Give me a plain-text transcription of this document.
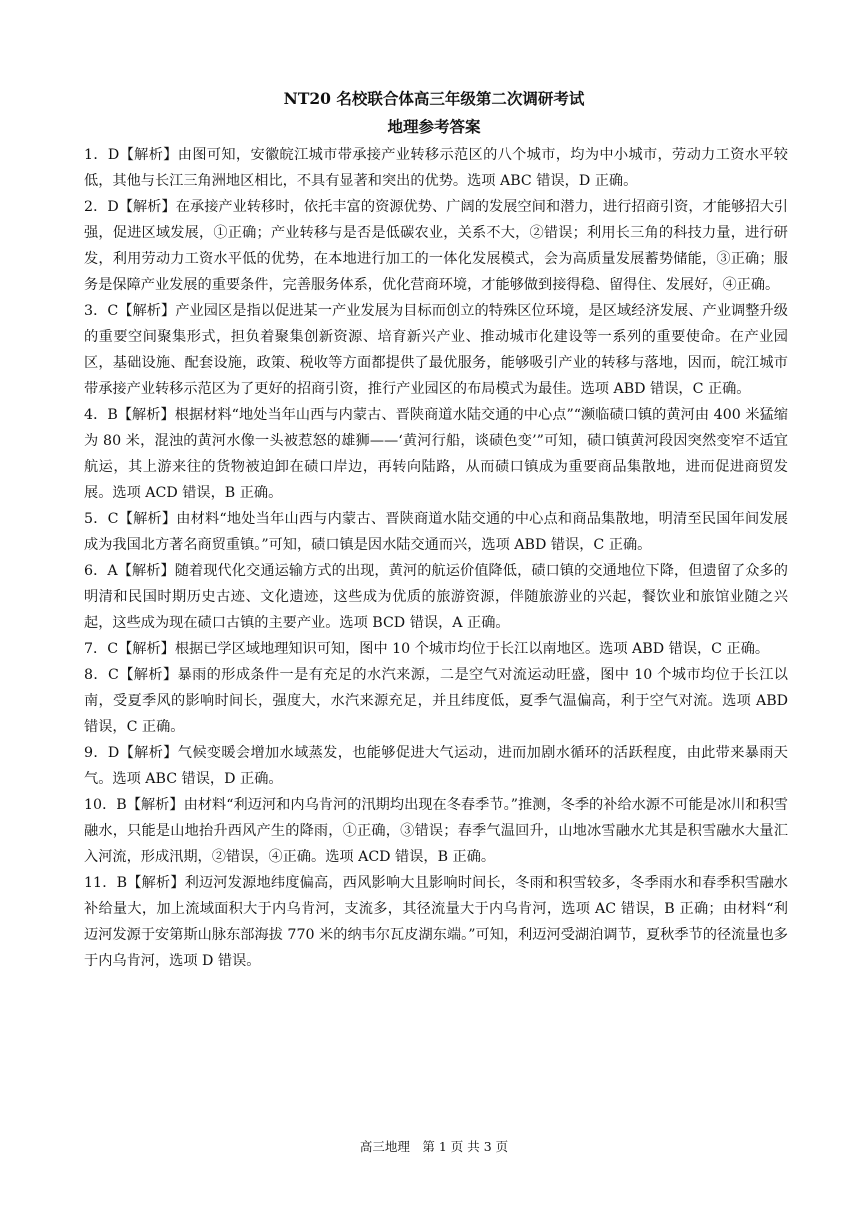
NT20 名校联合体高三年级第二次调研考试
地理参考答案

1．D【解析】由图可知，安徽皖江城市带承接产业转移示范区的八个城市，均为中小城市，劳动力工资水平较低，其他与长江三角洲地区相比，不具有显著和突出的优势。选项 ABC 错误，D 正确。

2．D【解析】在承接产业转移时，依托丰富的资源优势、广阔的发展空间和潜力，进行招商引资，才能够招大引强，促进区域发展，①正确；产业转移与是否是低碳农业，关系不大，②错误；利用长三角的科技力量，进行研发，利用劳动力工资水平低的优势，在本地进行加工的一体化发展模式，会为高质量发展蓄势储能，③正确；服务是保障产业发展的重要条件，完善服务体系，优化营商环境，才能够做到接得稳、留得住、发展好，④正确。

3．C【解析】产业园区是指以促进某一产业发展为目标而创立的特殊区位环境，是区域经济发展、产业调整升级的重要空间聚集形式，担负着聚集创新资源、培育新兴产业、推动城市化建设等一系列的重要使命。在产业园区，基础设施、配套设施，政策、税收等方面都提供了最优服务，能够吸引产业的转移与落地，因而，皖江城市带承接产业转移示范区为了更好的招商引资，推行产业园区的布局模式为最佳。选项 ABD 错误，C 正确。

4．B【解析】根据材料“地处当年山西与内蒙古、晋陕商道水陆交通的中心点”“濒临碛口镇的黄河由 400 米猛缩为 80 米，混浊的黄河水像一头被惹怒的雄狮——‘黄河行船，谈碛色变’”可知，碛口镇黄河段因突然变窄不适宜航运，其上游来往的货物被迫卸在碛口岸边，再转向陆路，从而碛口镇成为重要商品集散地，进而促进商贸发展。选项 ACD 错误，B 正确。

5．C【解析】由材料“地处当年山西与内蒙古、晋陕商道水陆交通的中心点和商品集散地，明清至民国年间发展成为我国北方著名商贸重镇。”可知，碛口镇是因水陆交通而兴，选项 ABD 错误，C 正确。

6．A【解析】随着现代化交通运输方式的出现，黄河的航运价值降低，碛口镇的交通地位下降，但遗留了众多的明清和民国时期历史古迹、文化遗迹，这些成为优质的旅游资源，伴随旅游业的兴起，餐饮业和旅馆业随之兴起，这些成为现在碛口古镇的主要产业。选项 BCD 错误，A 正确。

7．C【解析】根据已学区域地理知识可知，图中 10 个城市均位于长江以南地区。选项 ABD 错误，C 正确。

8．C【解析】暴雨的形成条件一是有充足的水汽来源，二是空气对流运动旺盛，图中 10 个城市均位于长江以南，受夏季风的影响时间长，强度大，水汽来源充足，并且纬度低，夏季气温偏高，利于空气对流。选项 ABD 错误，C 正确。

9．D【解析】气候变暖会增加水域蒸发，也能够促进大气运动，进而加剧水循环的活跃程度，由此带来暴雨天气。选项 ABC 错误，D 正确。

10．B【解析】由材料“利迈河和内乌肯河的汛期均出现在冬春季节。”推测，冬季的补给水源不可能是冰川和积雪融水，只能是山地抬升西风产生的降雨，①正确，③错误；春季气温回升，山地冰雪融水尤其是积雪融水大量汇入河流，形成汛期，②错误，④正确。选项 ACD 错误，B 正确。

11．B【解析】利迈河发源地纬度偏高，西风影响大且影响时间长，冬雨和积雪较多，冬季雨水和春季积雪融水补给量大，加上流域面积大于内乌肯河，支流多，其径流量大于内乌肯河，选项 AC 错误，B 正确；由材料“利迈河发源于安第斯山脉东部海拔 770 米的纳韦尔瓦皮湖东端。”可知，利迈河受湖泊调节，夏秋季节的径流量也多于内乌肯河，选项 D 错误。

高三地理　第 1 页 共 3 页
